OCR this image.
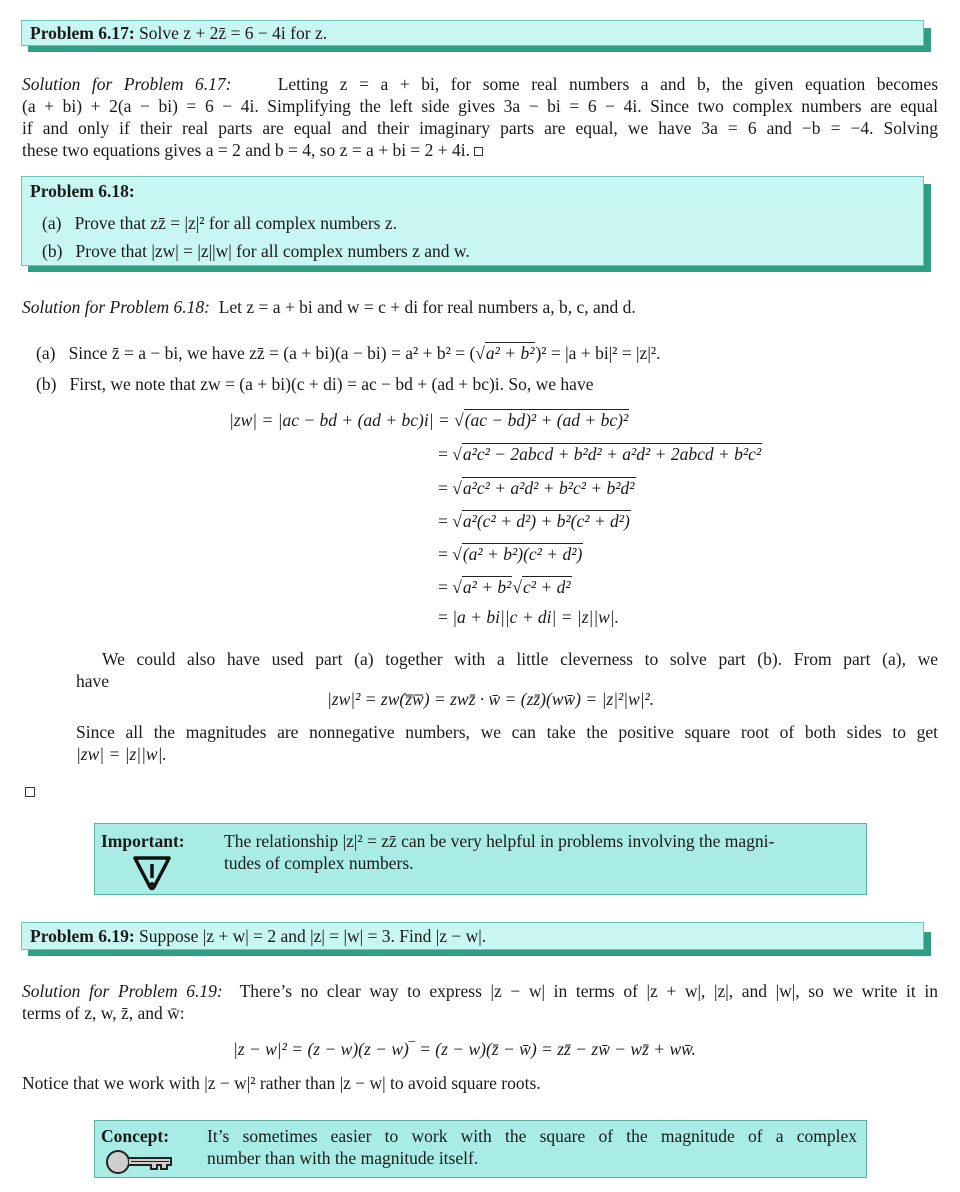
Problem 6.17: Solve z + 2z̄ = 6 − 4i for z.
Solution for Problem 6.17:	Letting z = a + bi, for some real numbers a and b, the given equation becomes
(a + bi) + 2(a − bi) = 6 − 4i. Simplifying the left side gives 3a − bi = 6 − 4i. Since two complex numbers are equal
if and only if their real parts are equal and their imaginary parts are equal, we have 3a = 6 and −b = −4. Solving
these two equations gives a = 2 and b = 4, so z = a + bi = 2 + 4i.
Problem 6.18:
(a) Prove that zz̄ = |z|² for all complex numbers z.
(b) Prove that |zw| = |z||w| for all complex numbers z and w.
Solution for Problem 6.18: Let z = a + bi and w = c + di for real numbers a, b, c, and d.
(a) Since z̄ = a − bi, we have zz̄ = (a + bi)(a − bi) = a² + b² = (√a² + b²)² = |a + bi|² = |z|².
(b) First, we note that zw = (a + bi)(c + di) = ac − bd + (ad + bc)i. So, we have
|zw| = |ac − bd + (ad + bc)i| = √(ac − bd)² + (ad + bc)²
= √a²c² − 2abcd + b²d² + a²d² + 2abcd + b²c²
= √a²c² + a²d² + b²c² + b²d²
= √a²(c² + d²) + b²(c² + d²)
= √(a² + b²)(c² + d²)
= √a² + b²√c² + d²
= |a + bi||c + di| = |z||w|.
We could also have used part (a) together with a little cleverness to solve part (b). From part (a), we
have
|zw|² = zw(z̅w̅) = zwz̄ · w̄ = (zz̄)(ww̄) = |z|²|w|².
Since all the magnitudes are nonnegative numbers, we can take the positive square root of both sides to get
|zw| = |z||w|.
Important: The relationship |z|² = zz̄ can be very helpful in problems involving the magni-
tudes of complex numbers.
Problem 6.19: Suppose |z + w| = 2 and |z| = |w| = 3. Find |z − w|.
Solution for Problem 6.19: There’s no clear way to express |z − w| in terms of |z + w|, |z|, and |w|, so we write it in
terms of z, w, z̄, and w̄:
|z − w|² = (z − w)(z − w)‾ = (z − w)(z̄ − w̄) = zz̄ − zw̄ − wz̄ + ww̄.
Notice that we work with |z − w|² rather than |z − w| to avoid square roots.
Concept: It’s sometimes easier to work with the square of the magnitude of a complex
number than with the magnitude itself.
